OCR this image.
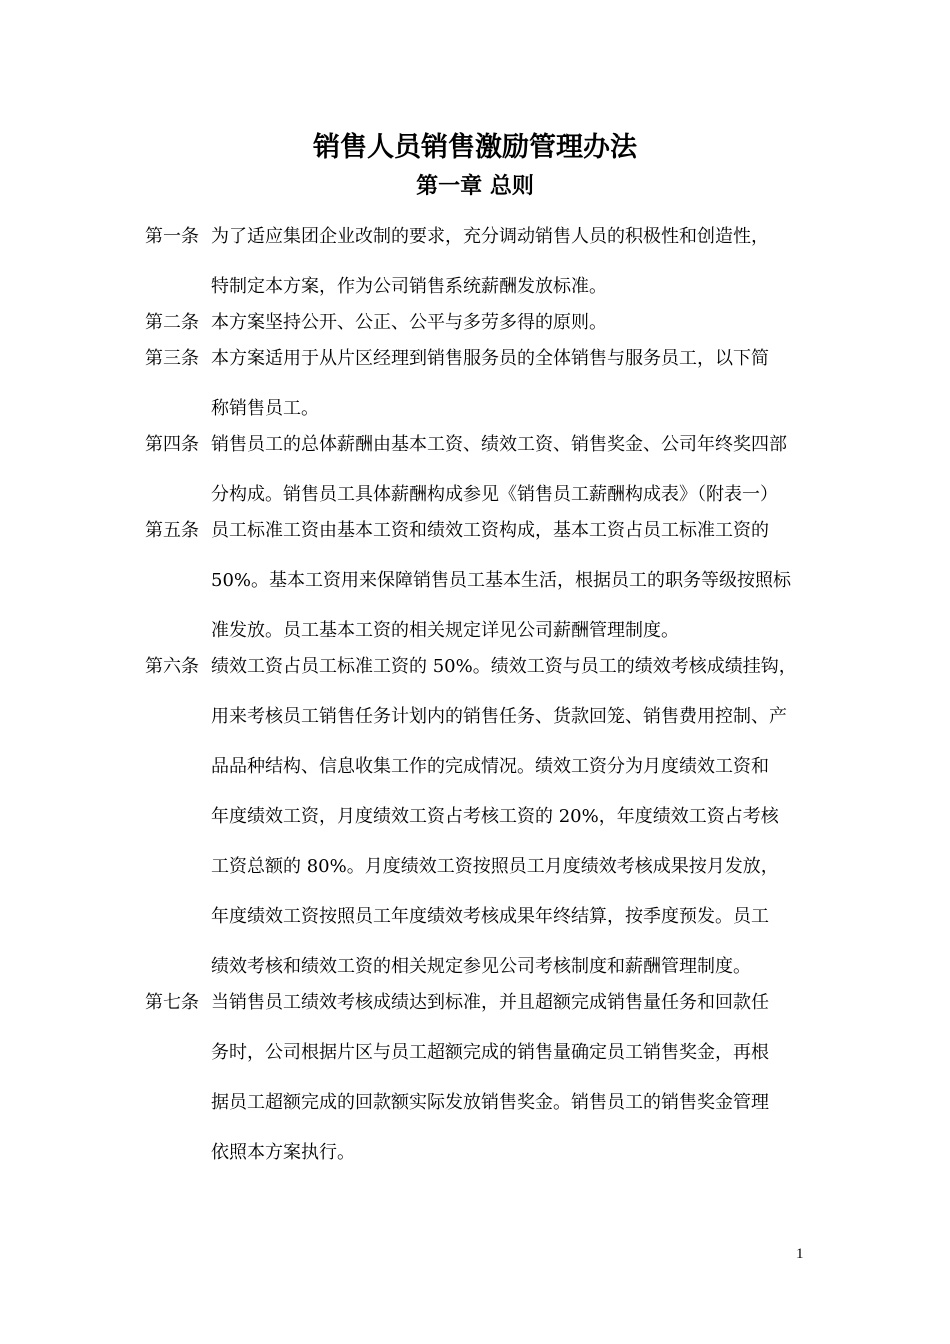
销售人员销售激励管理办法
第一章 总则
第一条 为了适应集团企业改制的要求，充分调动销售人员的积极性和创造性，
特制定本方案，作为公司销售系统薪酬发放标准。
第二条 本方案坚持公开、公正、公平与多劳多得的原则。
第三条 本方案适用于从片区经理到销售服务员的全体销售与服务员工，以下简
称销售员工。
第四条 销售员工的总体薪酬由基本工资、绩效工资、销售奖金、公司年终奖四部
分构成。销售员工具体薪酬构成参见《销售员工薪酬构成表》（附表一）
第五条 员工标准工资由基本工资和绩效工资构成，基本工资占员工标准工资的
50%。基本工资用来保障销售员工基本生活，根据员工的职务等级按照标
准发放。员工基本工资的相关规定详见公司薪酬管理制度。
第六条 绩效工资占员工标准工资的 50%。绩效工资与员工的绩效考核成绩挂钩，
用来考核员工销售任务计划内的销售任务、货款回笼、销售费用控制、产
品品种结构、信息收集工作的完成情况。绩效工资分为月度绩效工资和
年度绩效工资，月度绩效工资占考核工资的 20%，年度绩效工资占考核
工资总额的 80%。月度绩效工资按照员工月度绩效考核成果按月发放，
年度绩效工资按照员工年度绩效考核成果年终结算，按季度预发。员工
绩效考核和绩效工资的相关规定参见公司考核制度和薪酬管理制度。
第七条 当销售员工绩效考核成绩达到标准，并且超额完成销售量任务和回款任
务时，公司根据片区与员工超额完成的销售量确定员工销售奖金，再根
据员工超额完成的回款额实际发放销售奖金。销售员工的销售奖金管理
依照本方案执行。
1
